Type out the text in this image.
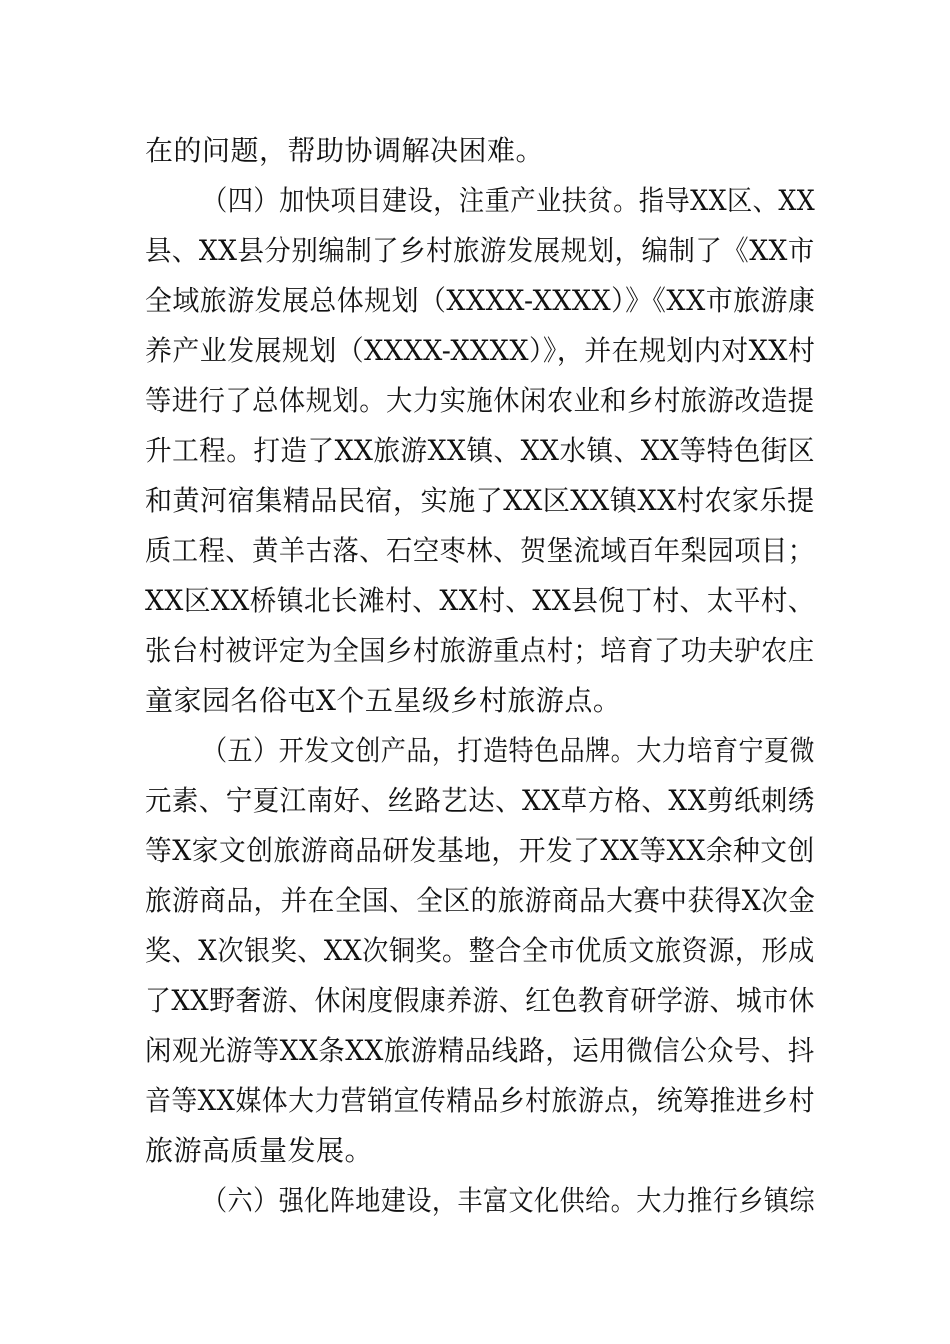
在的问题，帮助协调解决困难。
（四）加快项目建设，注重产业扶贫。指导XX区、XX
县、XX县分别编制了乡村旅游发展规划，编制了《XX市
全域旅游发展总体规划（XXXX-XXXX）》《XX市旅游康
养产业发展规划（XXXX-XXXX）》，并在规划内对XX村
等进行了总体规划。大力实施休闲农业和乡村旅游改造提
升工程。打造了XX旅游XX镇、XX水镇、XX等特色街区
和黄河宿集精品民宿，实施了XX区XX镇XX村农家乐提
质工程、黄羊古落、石空枣林、贺堡流域百年梨园项目；
XX区XX桥镇北长滩村、XX村、XX县倪丁村、太平村、
张台村被评定为全国乡村旅游重点村；培育了功夫驴农庄
童家园名俗屯X个五星级乡村旅游点。
（五）开发文创产品，打造特色品牌。大力培育宁夏微
元素、宁夏江南好、丝路艺达、XX草方格、XX剪纸刺绣
等X家文创旅游商品研发基地，开发了XX等XX余种文创
旅游商品，并在全国、全区的旅游商品大赛中获得X次金
奖、X次银奖、XX次铜奖。整合全市优质文旅资源，形成
了XX野奢游、休闲度假康养游、红色教育研学游、城市休
闲观光游等XX条XX旅游精品线路，运用微信公众号、抖
音等XX媒体大力营销宣传精品乡村旅游点，统筹推进乡村
旅游高质量发展。
（六）强化阵地建设，丰富文化供给。大力推行乡镇综
